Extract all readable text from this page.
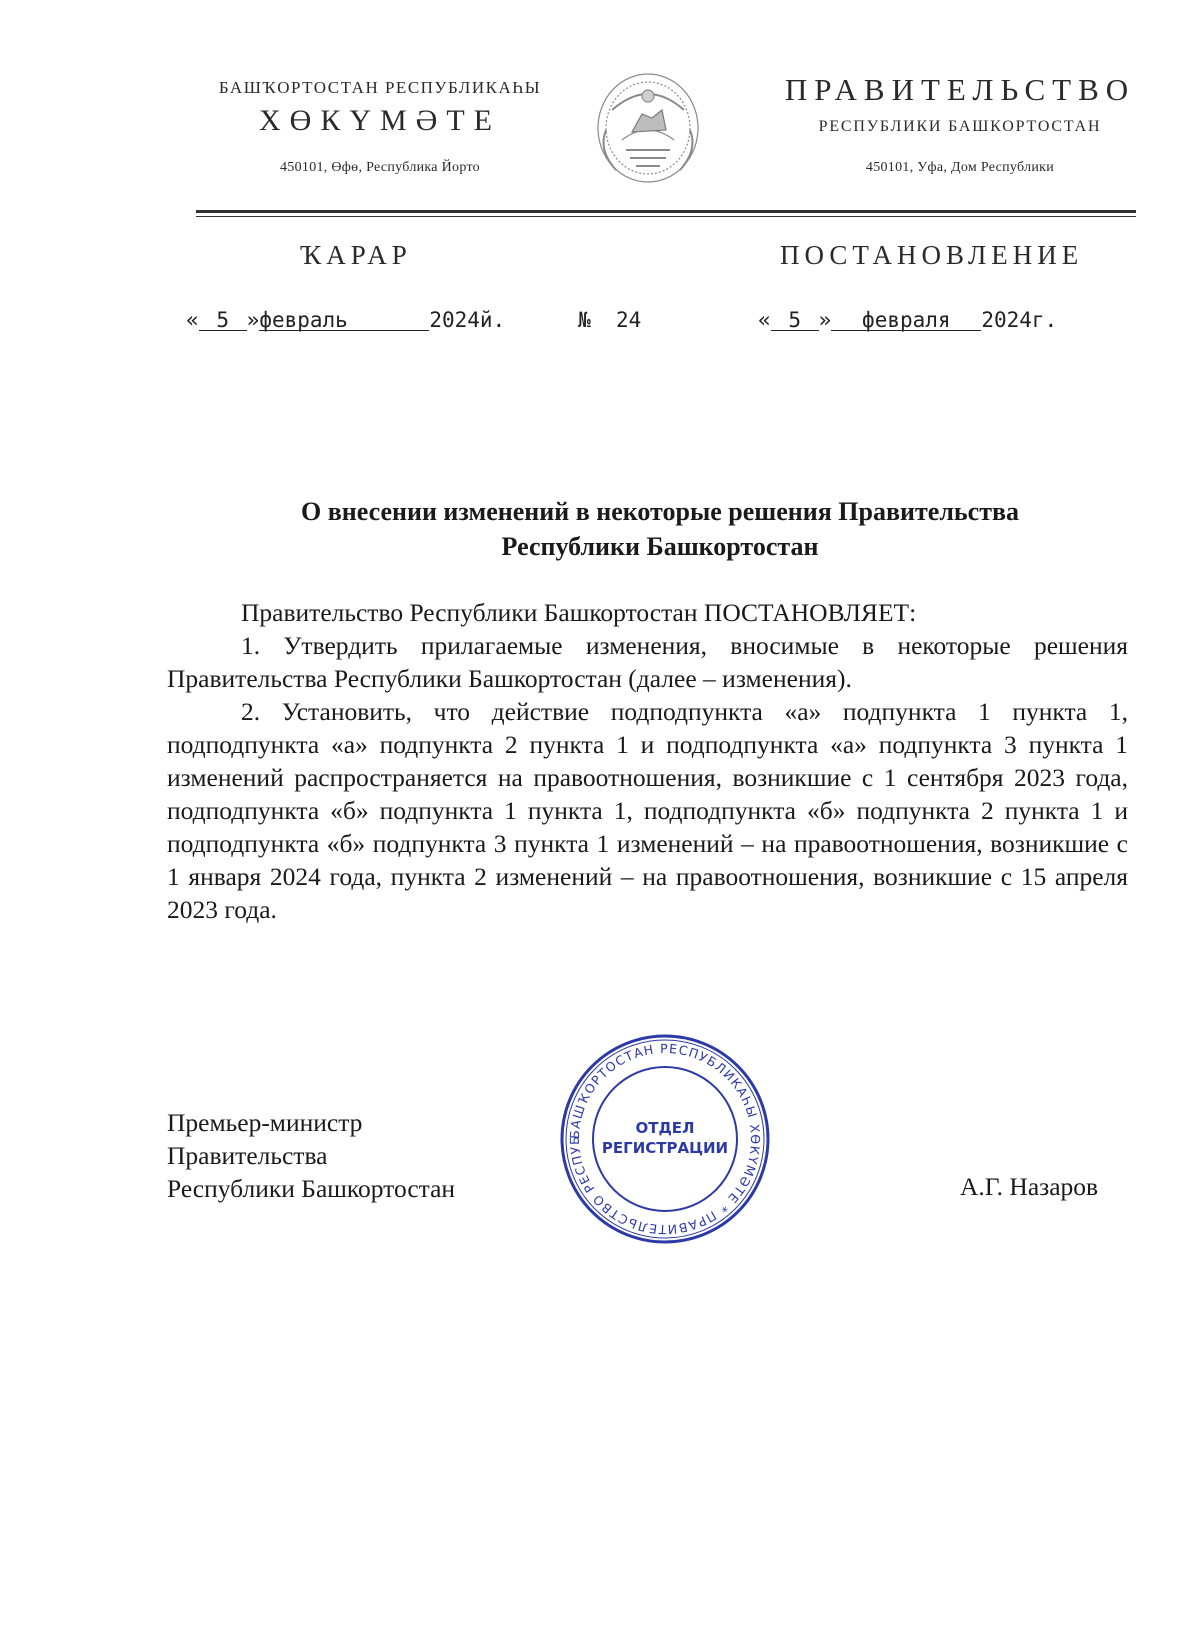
БАШҠОРТОСТАН РЕСПУБЛИКАҺЫ
ХӨКҮМӘТЕ
450101, Өфө, Республика Йорто
ПРАВИТЕЛЬСТВО
РЕСПУБЛИКИ БАШКОРТОСТАН
450101, Уфа, Дом Республики
ҠАРАР	ПОСТАНОВЛЕНИЕ
« 5 »февраль	2024й.	№ 24	« 5 » февраля 2024г.
О внесении изменений в некоторые решения Правительства
Республики Башкортостан

Правительство Республики Башкортостан ПОСТАНОВЛЯЕТ:

1. Утвердить прилагаемые изменения, вносимые в некоторые решения Правительства Республики Башкортостан (далее – изменения).

2. Установить, что действие подподпункта «а» подпункта 1 пункта 1, подподпункта «а» подпункта 2 пункта 1 и подподпункта «а» подпункта 3 пункта 1 изменений распространяется на правоотношения, возникшие с 1 сентября 2023 года, подподпункта «б» подпункта 1 пункта 1, подподпункта «б» подпункта 2 пункта 1 и подподпункта «б» подпункта 3 пункта 1 изменений – на правоотношения, возникшие с 1 января 2024 года, пункта 2 изменений – на правоотношения, возникшие с 15 апреля 2023 года.

Премьер-министр
Правительства
Республики Башкортостан	А.Г. Назаров
БАШҠОРТОСТАН РЕСПУБЛИКАҺЫ ХӨКҮМӘТЕ * ПРАВИТЕЛЬСТВО РЕСПУБ
ОТДЕЛ
РЕГИСТРАЦИИ
